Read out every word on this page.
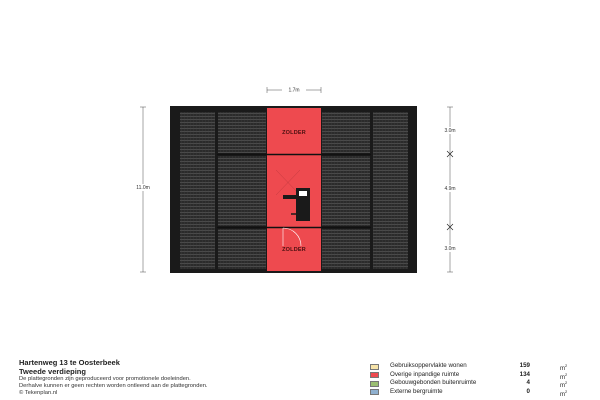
ZOLDER
ZOLDER
1.7m
11.0m
3.0m
4.9m
3.0m
Hartenweg 13 te Oosterbeek
Tweede verdieping
De plattegronden zijn geproduceerd voor promotionele doeleinden.
Derhalve kunnen er geen rechten worden ontleend aan de plattegronden.
© Tekenplan.nl
Gebruiksoppervlakte wonen	159	$m^2$
Overige inpandige ruimte	134	$m^2$
Gebouwgebonden buitenruimte	4	$m^2$
Externe bergruimte	0	$m^2$
